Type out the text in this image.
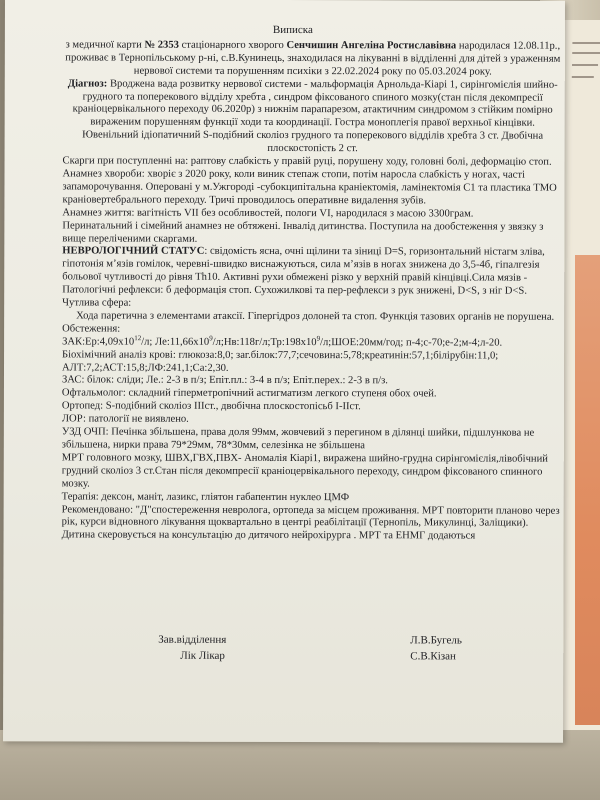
Виписка

з медичної карти № 2353 стаціонарного хворого Сенчишин Ангеліна Ростиславівна народилася 12.08.11р., проживає в Тернопільському р-ні, с.В.Кунинець, знаходилася на лікуванні в відділенні для дітей з ураженням нервової системи та порушенням психіки з 22.02.2024 року по 05.03.2024 року.

Діагноз: Вроджена вада розвитку нервової системи - мальформація Арнольда-Кіарі 1, сирінгомієлія шийно-грудного та поперекового відділу хребта , синдром фіксованого спиного мозку(стан після декомпресії краніоцервікального переходу 06.2020р) з нижнім парапарезом, атактичним синдромом з стійким помірно вираженим порушенням функції ходи та координації. Гостра моноплегія правої верхньої кінцівки. Ювенільний ідіопатичний S-подібний сколіоз грудного та поперекового відділів хребта 3 ст. Двобічна плоскостопість 2 ст.

Скарги при поступленні на: раптову слабкість у правій руці, порушену ходу, головні болі, деформацію стоп.

Анамнез хвороби: хворіє з 2020 року, коли виник степаж стопи, потім наросла слабкість у ногах, часті запаморочування. Оперовані у м.Ужгороді -субокципітальна краніектомія, ламінектомія С1 та пластика ТМО краніовертебрального переходу. Тричі проводилось оперативне видалення зубів.

Анамнез життя: вагітність VII без особливостей, пологи VI, народилася з масою 3300грам.

Перинатальний і сімейний анамнез не обтяжені. Інвалід дитинства. Поступила на дообстеження у звязку з вище переліченими скаргами.

НЕВРОЛОГІЧНИЙ СТАТУС: свідомість ясна, очні щілини та зіниці D=S, горизонтальний ністагм зліва, гіпотонія м’язів гомілок, черевні-швидко виснажуються, сила м’язів в ногах знижена до 3,5-4б, гіпалгезія больової чутливості до рівня Th10. Активні рухи обмежені різко у верхній правій кінцівці.Сила мязів - Патологічні рефлекси: б деформація стоп. Сухожилкові та пер-рефлекси з рук знижені, D<S, з ніг D<S. Чутлива сфера:

Хода паретична з елементами атаксії. Гіпергідроз долоней та стоп. Функція тазових органів не порушена.

Обстеження:

$ЗАК:Ер:4,09х10^{12}/л$; $Лe:11,66х10^9/л;Нв:118г/л;Тр:198х10^9/л;ШОЕ:20мм$/год; п-4;с-70;е-2;м-4;л-20.

Біохімічний аналіз крові: глюкоза:8,0; заг.білок:77,7;сечовина:5,78;креатинін:57,1;білірубін:11,0; АЛТ:7,2;АСТ:15,8;ЛФ:241,1;Са:2,30.

ЗАС: білок: сліди; Ле.: 2-3 в п/з; Епіт.пл.: 3-4 в п/з; Епіт.перех.: 2-3 в п/з.

Офтальмолог: складний гіперметропічний астигматизм легкого ступеня обох очей.

Ортопед: S-подібний сколіоз IIIст., двобічна плоскостопісьб I-IIст.

ЛОР: патології не виявлено.

УЗД ОЧП: Печінка збільшена, права доля 99мм, жовчевий з перегином в ділянці шийки, підшлункова не збільшена, нирки права 79*29мм, 78*30мм, селезінка не збільшена

МРТ головного мозку, ШВХ,ГВХ,ПВХ- Аномалія Кіарі1, виражена шийно-грудна сирінгомієлія,лівобічний грудний сколіоз 3 ст.Стан після декомпресії краніоцервікального переходу, синдром фіксованого спинного мозку.

Терапія: дексон, маніт, лазикс, гліятон габапентин нуклео ЦМФ

Рекомендовано: "Д"спостереження невролога, ортопеда за місцем проживання. МРТ повторити планово через рік, курси відновного лікування щоквартально в центрі реабілітації (Тернопіль, Микулинці, Заліщики). Дитина скеровується на консультацію до дитячого нейрохірурга . МРТ та ЕНМГ додаються

Зав.відділення
Лік Лікар
Л.В.Бугель
С.В.Кізан
